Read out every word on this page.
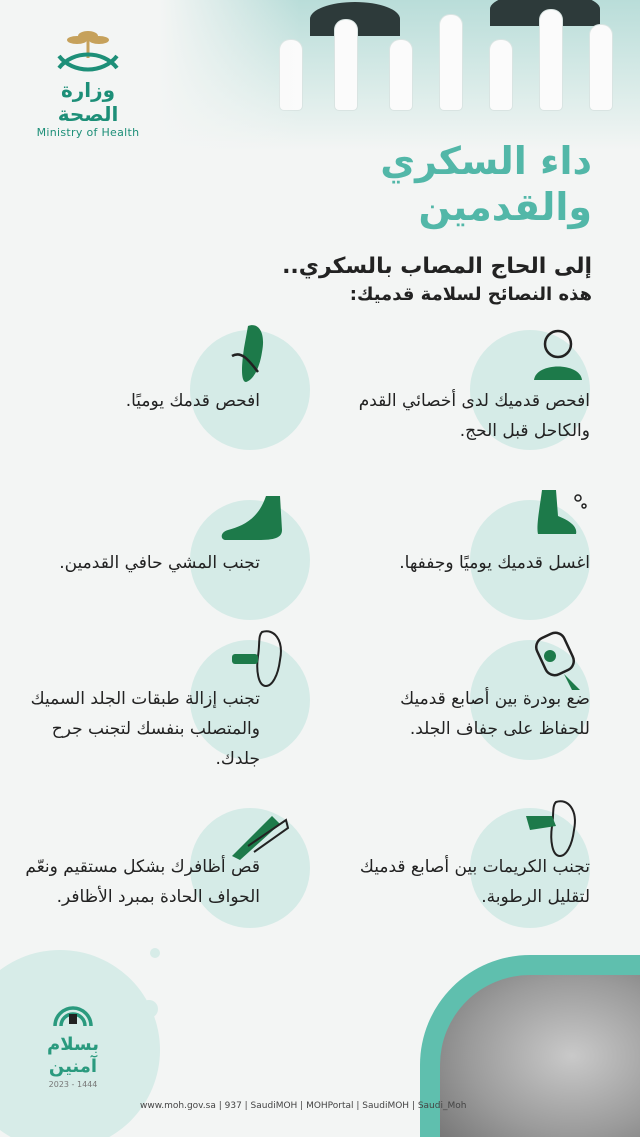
وزارة الصحة
Ministry of Health
داء السكري
والقدمين
إلى الحاج المصاب بالسكري..
هذه النصائح لسلامة قدميك:
افحص قدميك لدى أخصائي القدم والكاحل قبل الحج.
افحص قدمك يوميًا.
اغسل قدميك يوميًا وجففها.
تجنب المشي حافي القدمين.
ضع بودرة بين أصابع قدميك للحفاظ على جفاف الجلد.
تجنب إزالة طبقات الجلد السميك والمتصلب بنفسك لتجنب جرح جلدك.
تجنب الكريمات بين أصابع قدميك لتقليل الرطوبة.
قص أظافرك بشكل مستقيم ونعّم الحواف الحادة بمبرد الأظافر.
بسلام
آمنين
2023 - 1444
www.moh.gov.sa | 937 | SaudiMOH | MOHPortal | SaudiMOH | Saudi_Moh
